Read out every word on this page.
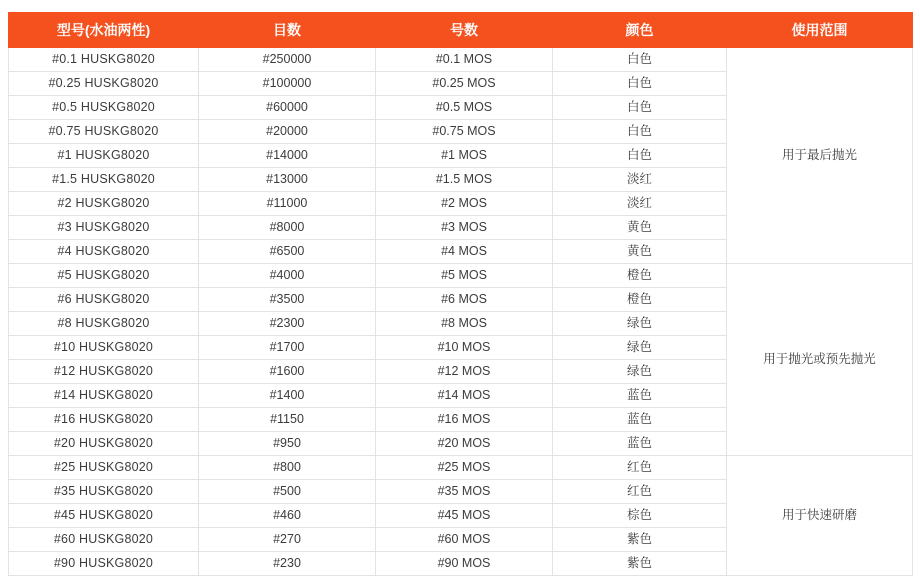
型号(水油两性)	目数	号数	颜色	使用范围
#0.1 HUSKG8020	#250000	#0.1 MOS	白色	用于最后抛光
#0.25 HUSKG8020	#100000	#0.25 MOS	白色	
#0.5 HUSKG8020	#60000	#0.5 MOS	白色	
#0.75 HUSKG8020	#20000	#0.75 MOS	白色	
#1 HUSKG8020	#14000	#1 MOS	白色	
#1.5 HUSKG8020	#13000	#1.5 MOS	淡红	
#2 HUSKG8020	#11000	#2 MOS	淡红	
#3 HUSKG8020	#8000	#3 MOS	黄色	
#4 HUSKG8020	#6500	#4 MOS	黄色	
#5 HUSKG8020	#4000	#5 MOS	橙色	用于抛光或预先抛光
#6 HUSKG8020	#3500	#6 MOS	橙色	
#8 HUSKG8020	#2300	#8 MOS	绿色	
#10 HUSKG8020	#1700	#10 MOS	绿色	
#12 HUSKG8020	#1600	#12 MOS	绿色	
#14 HUSKG8020	#1400	#14 MOS	蓝色	
#16 HUSKG8020	#1150	#16 MOS	蓝色	
#20 HUSKG8020	#950	#20 MOS	蓝色	
#25 HUSKG8020	#800	#25 MOS	红色	用于快速研磨
#35 HUSKG8020	#500	#35 MOS	红色	
#45 HUSKG8020	#460	#45 MOS	棕色	
#60 HUSKG8020	#270	#60 MOS	紫色	
#90 HUSKG8020	#230	#90 MOS	紫色	
